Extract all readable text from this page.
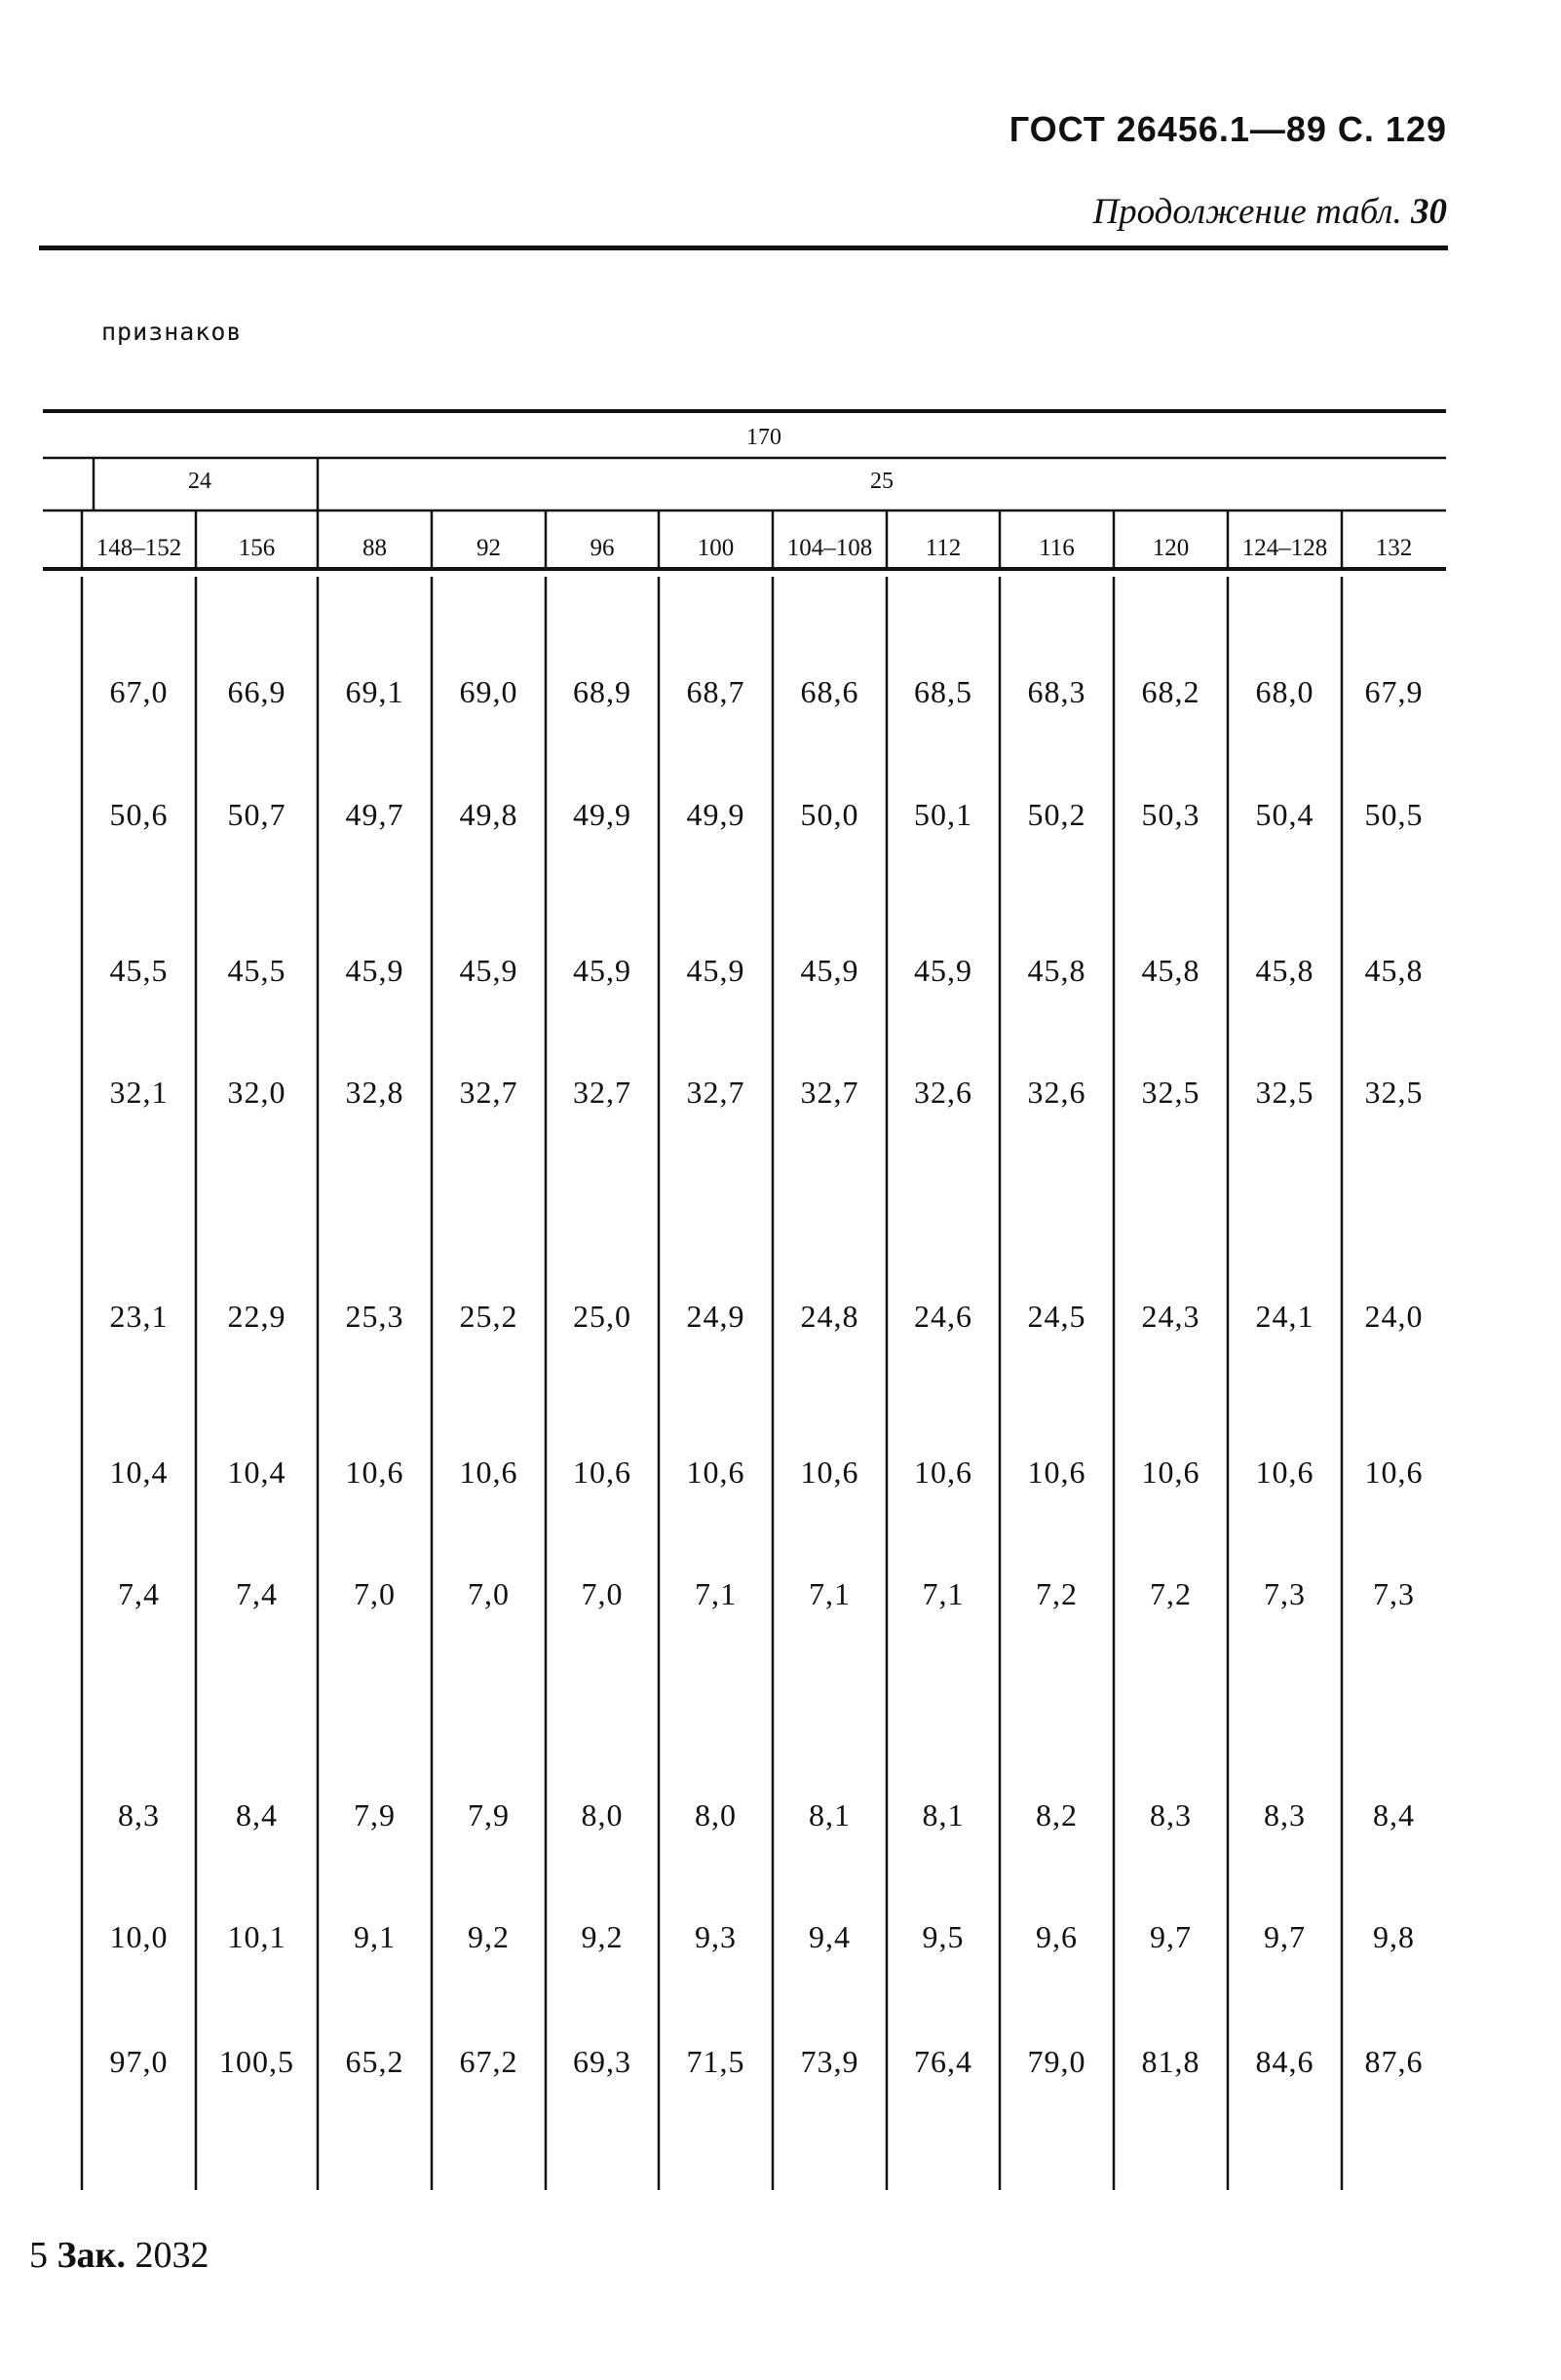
ГОСТ 26456.1—89 С. 129
Продолжение табл. 30
признаков
170
24	25
148–152 156	88	92	96	100 104–108 112	116	120 124–128 132
67,0 66,9 69,1 69,0 68,9 68,7 68,6 68,5 68,3 68,2 68,0 67,9
50,6 50,7 49,7 49,8 49,9 49,9 50,0 50,1 50,2 50,3 50,4 50,5
45,5 45,5 45,9 45,9 45,9 45,9 45,9 45,9 45,8 45,8 45,8 45,8
32,1 32,0 32,8 32,7 32,7 32,7 32,7 32,6 32,6 32,5 32,5 32,5
23,1 22,9 25,3 25,2 25,0 24,9 24,8 24,6 24,5 24,3 24,1 24,0
10,4 10,4 10,6 10,6 10,6 10,6 10,6 10,6 10,6 10,6 10,6 10,6
7,4 7,4 7,0 7,0 7,0 7,1 7,1 7,1 7,2 7,2 7,3 7,3
8,3 8,4 7,9 7,9 8,0 8,0 8,1 8,1 8,2 8,3 8,3 8,4
10,0 10,1 9,1 9,2 9,2 9,3 9,4 9,5 9,6 9,7 9,7 9,8
97,0 100,5 65,2 67,2 69,3 71,5 73,9 76,4 79,0 81,8 84,6 87,6
5 Зак. 2032
